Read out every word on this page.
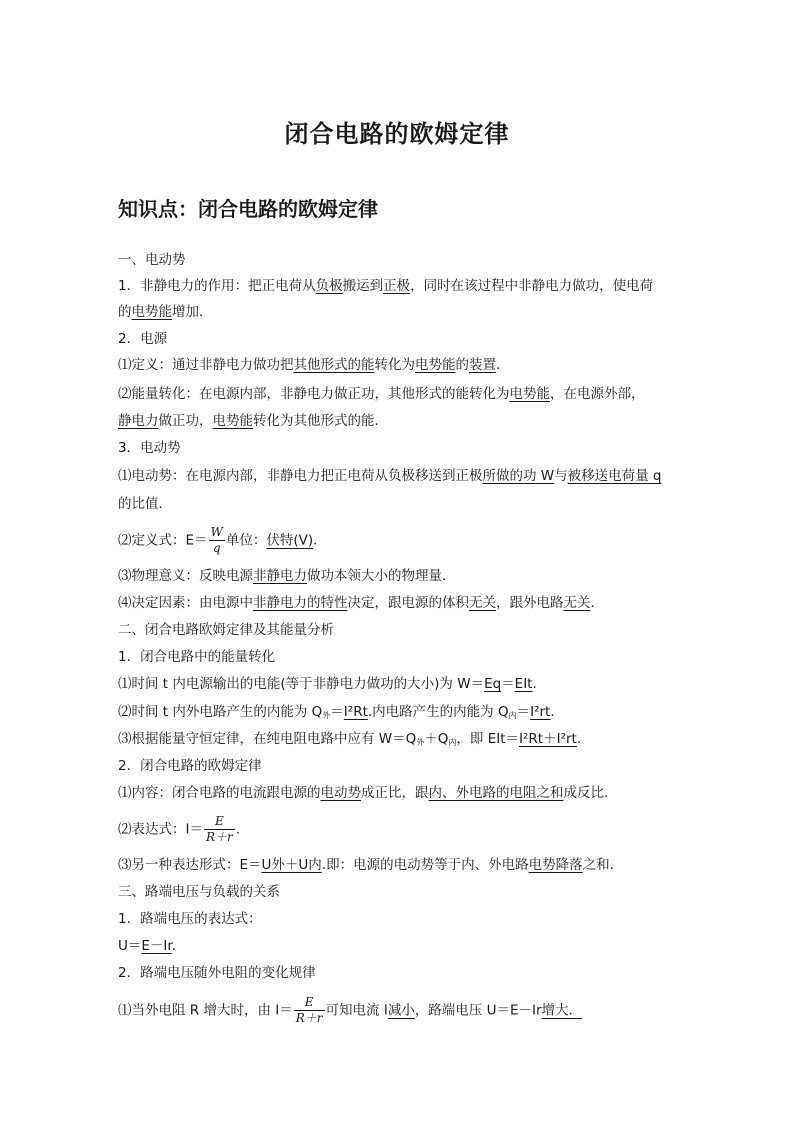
闭合电路的欧姆定律
知识点：闭合电路的欧姆定律
一、电动势
1．非静电力的作用：把正电荷从负极搬运到正极，同时在该过程中非静电力做功，使电荷
的电势能增加．
2．电源
⑴定义：通过非静电力做功把其他形式的能转化为电势能的装置．
⑵能量转化：在电源内部，非静电力做正功，其他形式的能转化为电势能，在电源外部，
静电力做正功，电势能转化为其他形式的能．
3．电动势
⑴电动势：在电源内部，非静电力把正电荷从负极移送到正极所做的功 W与被移送电荷量 q
的比值．
⑵定义式：$E= \frac{W}{q}$ 单位：伏特(V)．
⑶物理意义：反映电源非静电力做功本领大小的物理量．
⑷决定因素：由电源中非静电力的特性决定，跟电源的体积无关，跟外电路无关．
二、闭合电路欧姆定律及其能量分析
1．闭合电路中的能量转化
⑴时间 t 内电源输出的电能(等于非静电力做功的大小)为 W＝Eq＝EIt.
⑵时间 t 内外电路产生的内能为 $Q_外=I^2Rt$.内电路产生的内能为 $Q_内=I^2rt$.
⑶根据能量守恒定律，在纯电阻电路中应有 $W=Q_外+Q_内$，即 EIt＝I²Rt＋I²rt.
2．闭合电路的欧姆定律
⑴内容：闭合电路的电流跟电源的电动势成正比，跟内、外电路的电阻之和成反比．
⑵表达式：$I= \frac{E}{R+r}$ .
⑶另一种表达形式：E＝U外＋U内.即：电源的电动势等于内、外电路电势降落之和．
三、路端电压与负载的关系
1．路端电压的表达式：
U＝E－Ir.
2．路端电压随外电阻的变化规律
⑴当外电阻 R 增大时，由 $I= \frac{E}{R+r}$ 可知电流 I减小，路端电压 U＝E－Ir增大．
